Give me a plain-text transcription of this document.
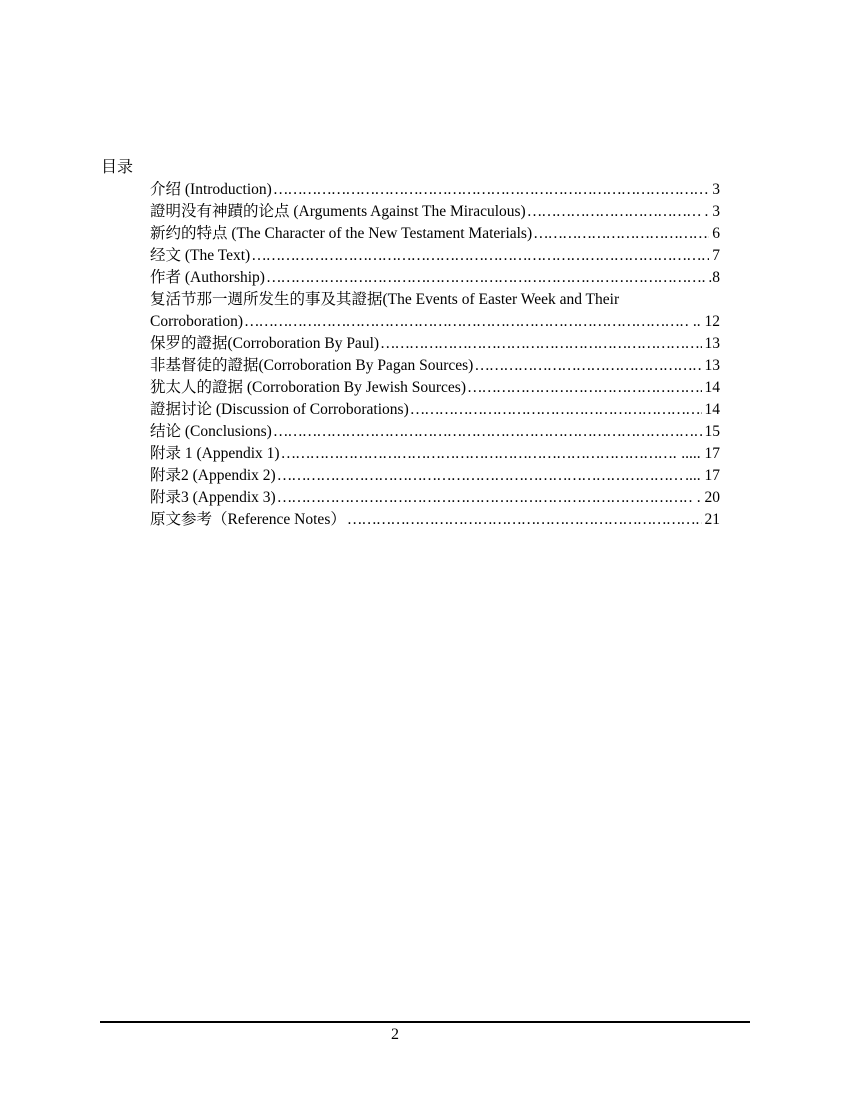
目录
介绍 (Introduction) ……………………………………………………………………………………………………………………………………………………………………………………………………	3
證明没有神蹟的论点 (Arguments Against The Miraculous) ……………………………………………………………………………………………………………………………………………………………………………………………………	. 3
新约的特点 (The Character of the New Testament Materials) ……………………………………………………………………………………………………………………………………………………………………………………………………	6
经文 (The Text) ……………………………………………………………………………………………………………………………………………………………………………………………………	7
作者 (Authorship) ……………………………………………………………………………………………………………………………………………………………………………………………………	.8
复活节那一週所发生的事及其證据(The Events of Easter Week and Their
Corroboration) ……………………………………………………………………………………………………………………………………………………………………………………………………	.. 12
保罗的證据(Corroboration By Paul) ……………………………………………………………………………………………………………………………………………………………………………………………………	13
非基督徒的證据(Corroboration By Pagan Sources) ……………………………………………………………………………………………………………………………………………………………………………………………………	13
犹太人的證据 (Corroboration By Jewish Sources) ……………………………………………………………………………………………………………………………………………………………………………………………………	14
證据讨论 (Discussion of Corroborations) ……………………………………………………………………………………………………………………………………………………………………………………………………	14
结论 (Conclusions) ……………………………………………………………………………………………………………………………………………………………………………………………………	15
附录 1 (Appendix 1) ……………………………………………………………………………………………………………………………………………………………………………………………………	..... 17
附录2 (Appendix 2) ……………………………………………………………………………………………………………………………………………………………………………………………………	.... 17
附录3 (Appendix 3) ……………………………………………………………………………………………………………………………………………………………………………………………………	. 20
原文参考（Reference Notes） ……………………………………………………………………………………………………………………………………………………………………………………………………	21
2
